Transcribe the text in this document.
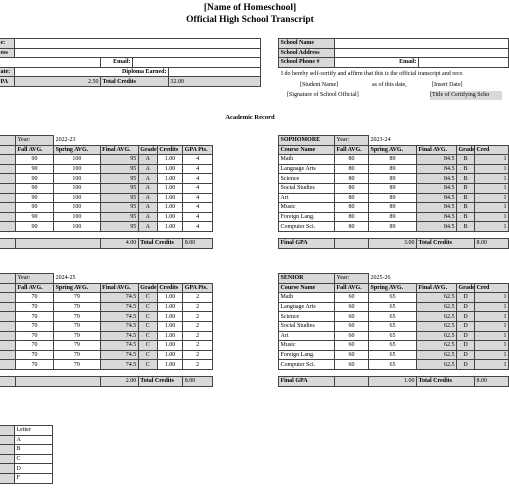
[Name of Homeschool]
Official High School Transcript
e:				
ess				
		Email:		
ate:	Diploma Earned:			
PA	2.50	Total Credits		32.00
School Name		
School Address		
School Phone #	Email:	
I do hereby self-certify and affirm that this is the official transcript and reco
[Student Name]	as of this date,	[Insert Date]
[Signature of School Official]	[Title of Certifying Scho
Academic Record
	Year:	2022-23				
	Fall AVG.	Spring AVG.	Final AVG.	Grade	Credits	GPA Pts.
	90	100	95	A	1.00	4
	90	100	95	A	1.00	4
	90	100	95	A	1.00	4
	90	100	95	A	1.00	4
	90	100	95	A	1.00	4
	90	100	95	A	1.00	4
	90	100	95	A	1.00	4
	90	100	95	A	1.00	4

			4.00	Total Credits		8.00
SOPHOMORE	Year:	2023-24			
Course Name	Fall AVG.	Spring AVG.	Final AVG.	Grade	Cred
Math	80	89	84.5	B	1
Language Arts	80	89	84.5	B	1
Science	80	89	84.5	B	1
Social Studies	80	89	84.5	B	1
Art	80	89	84.5	B	1
Music	80	89	84.5	B	1
Foreign Lang.	80	89	84.5	B	1
Computer Sci.	80	89	84.5	B	1

Final GPA		3.00	Total Credits		8.00
	Year:	2024-25				
	Fall AVG.	Spring AVG.	Final AVG.	Grade	Credits	GPA Pts.
	70	79	74.5	C	1.00	2
	70	79	74.5	C	1.00	2
	70	79	74.5	C	1.00	2
	70	79	74.5	C	1.00	2
	70	79	74.5	C	1.00	2
	70	79	74.5	C	1.00	2
	70	79	74.5	C	1.00	2
	70	79	74.5	C	1.00	2

			2.00	Total Credits		8.00
SENIOR	Year:	2025-26			
Course Name	Fall AVG.	Spring AVG.	Final AVG.	Grade	Cred
Math	60	65	62.5	D	1
Language Arts	60	65	62.5	D	1
Science	60	65	62.5	D	1
Social Studies	60	65	62.5	D	1
Art	60	65	62.5	D	1
Music	60	65	62.5	D	1
Foreign Lang.	60	65	62.5	D	1
Computer Sci.	60	65	62.5	D	1

Final GPA		1.00	Total Credits		8.00
	Letter
	A
	B
	C
	D
	F
